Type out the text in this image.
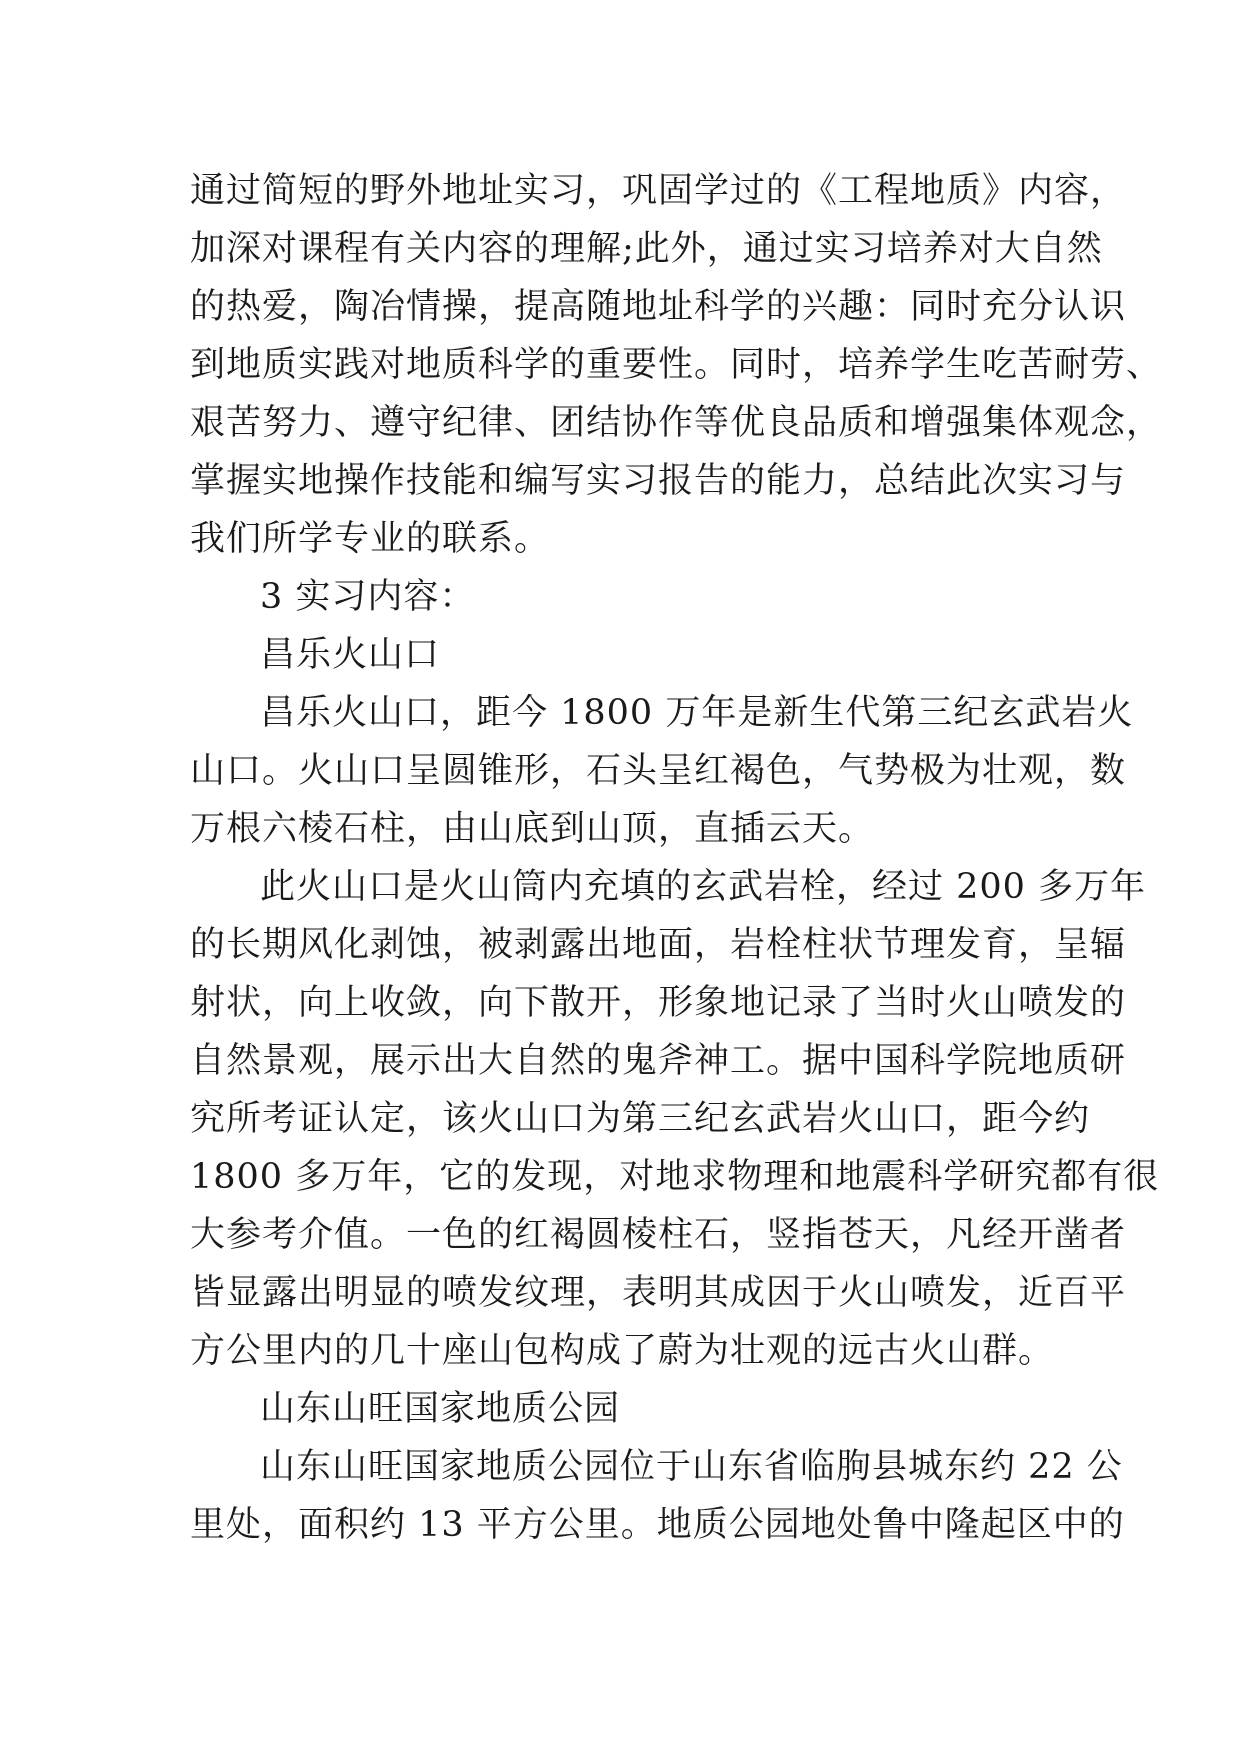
通过简短的野外地址实习，巩固学过的《工程地质》内容，
加深对课程有关内容的理解;此外，通过实习培养对大自然
的热爱，陶冶情操，提高随地址科学的兴趣：同时充分认识
到地质实践对地质科学的重要性。同时，培养学生吃苦耐劳、
艰苦努力、遵守纪律、团结协作等优良品质和增强集体观念，
掌握实地操作技能和编写实习报告的能力，总结此次实习与
我们所学专业的联系。
3 实习内容：
昌乐火山口
昌乐火山口，距今 1800 万年是新生代第三纪玄武岩火
山口。火山口呈圆锥形，石头呈红褐色，气势极为壮观，数
万根六棱石柱，由山底到山顶，直插云天。
此火山口是火山筒内充填的玄武岩栓，经过 200 多万年
的长期风化剥蚀，被剥露出地面，岩栓柱状节理发育，呈辐
射状，向上收敛，向下散开，形象地记录了当时火山喷发的
自然景观，展示出大自然的鬼斧神工。据中国科学院地质研
究所考证认定，该火山口为第三纪玄武岩火山口，距今约
1800 多万年，它的发现，对地求物理和地震科学研究都有很
大参考介值。一色的红褐圆棱柱石，竖指苍天，凡经开凿者
皆显露出明显的喷发纹理，表明其成因于火山喷发，近百平
方公里内的几十座山包构成了蔚为壮观的远古火山群。
山东山旺国家地质公园
山东山旺国家地质公园位于山东省临朐县城东约 22 公
里处，面积约 13 平方公里。地质公园地处鲁中隆起区中的
